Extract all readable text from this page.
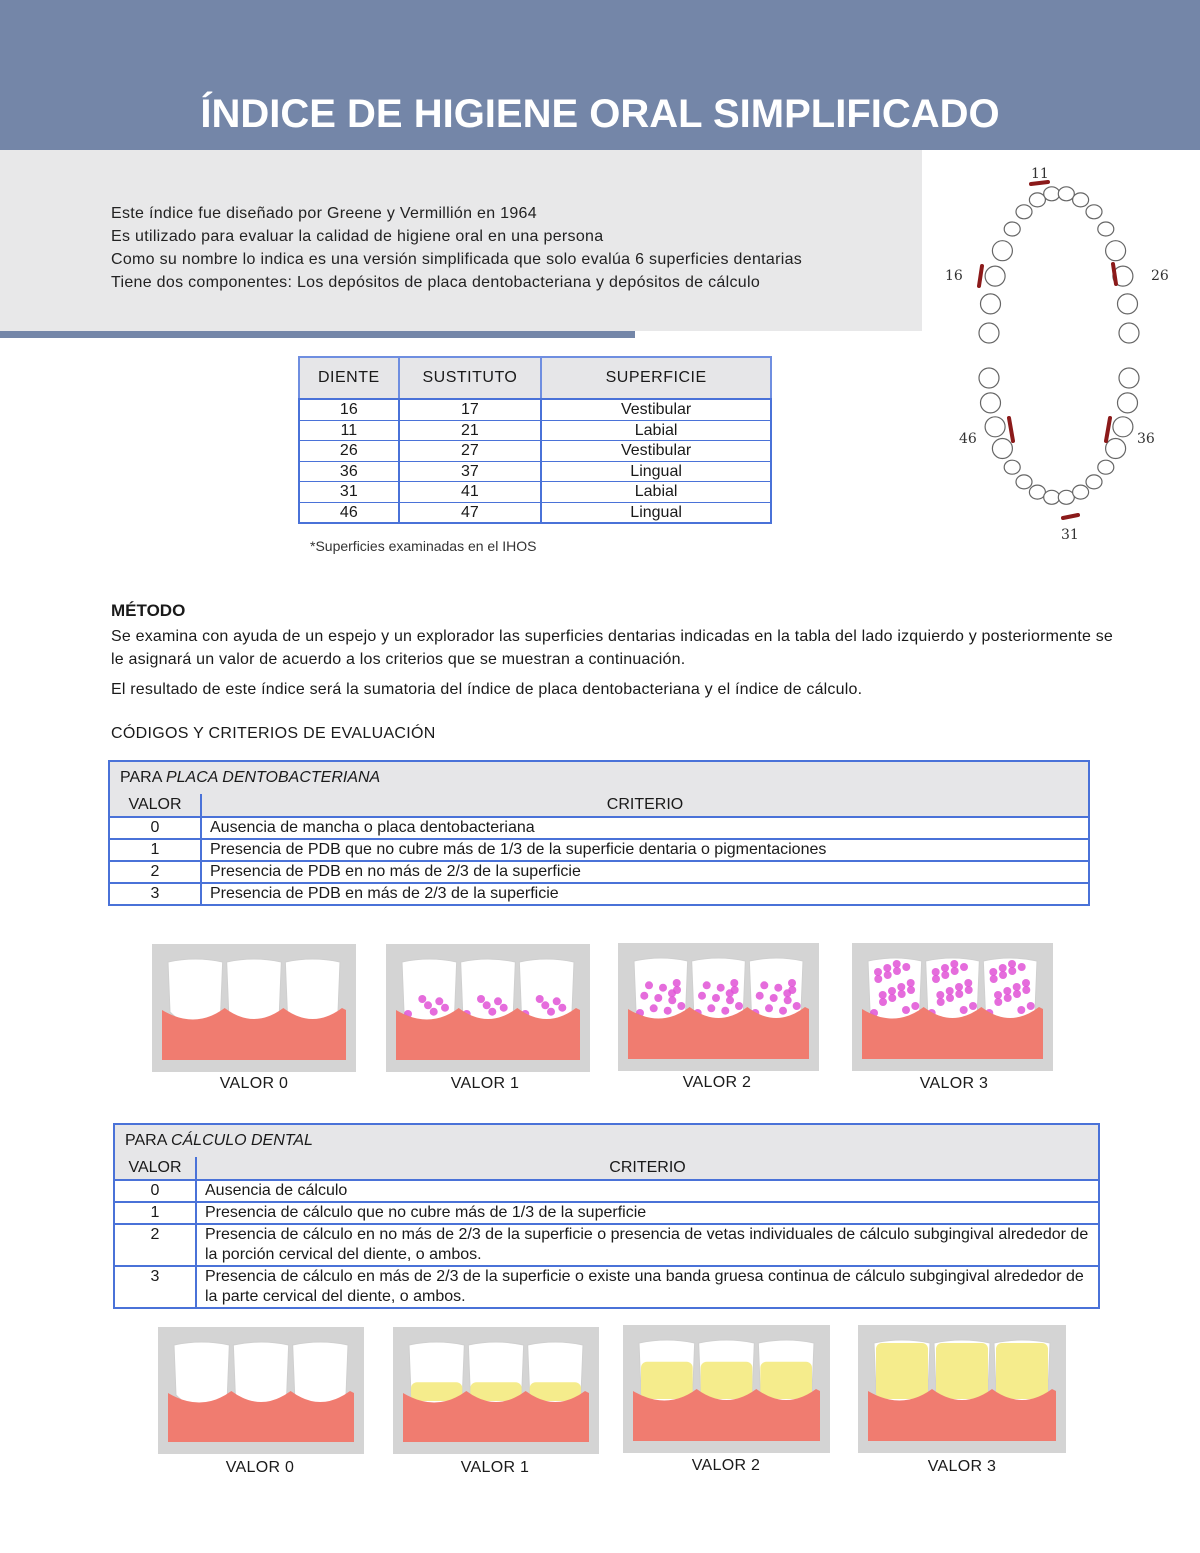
ÍNDICE DE HIGIENE ORAL SIMPLIFICADO
Este índice fue diseñado por Greene y Vermillión en 1964
Es utilizado para evaluar la calidad de higiene oral en una persona
Como su nombre lo indica es una versión simplificada que solo evalúa 6 superficies dentarias
Tiene dos componentes: Los depósitos de placa dentobacteriana y depósitos de cálculo
DIENTE	SUSTITUTO	SUPERFICIE
16	17	Vestibular
11	21	Labial
26	27	Vestibular
36	37	Lingual
31	41	Labial
46	47	Lingual
*Superficies examinadas en el IHOS
11
16	26
46	36
31
MÉTODO
Se examina con ayuda de un espejo y un explorador las superficies dentarias indicadas en la tabla del lado izquierdo y posteriormente se le asignará un valor de acuerdo a los criterios que se muestran a continuación.
El resultado de este índice será la sumatoria del índice de placa dentobacteriana y el índice de cálculo.
CÓDIGOS Y CRITERIOS DE EVALUACIÓN
PARA PLACA DENTOBACTERIANA	
VALOR	CRITERIO
0	Ausencia de mancha o placa dentobacteriana
1	Presencia de PDB que no cubre más de 1/3 de la superficie dentaria o pigmentaciones
2	Presencia de PDB en no más de 2/3 de la superficie
3	Presencia de PDB en más de 2/3 de la superficie
VALOR 0	VALOR 1	VALOR 2	VALOR 3
PARA CÁLCULO DENTAL	
VALOR	CRITERIO
0	Ausencia de cálculo
1	Presencia de cálculo que no cubre más de 1/3 de la superficie
2	Presencia de cálculo en no más de 2/3 de la superficie o presencia de vetas individuales de cálculo subgingival alrededor de la porción cervical del diente, o ambos.
3	Presencia de cálculo en más de 2/3 de la superficie o existe una banda gruesa continua de cálculo subgingival alrededor de la parte cervical del diente, o ambos.
VALOR 0	VALOR 1	VALOR 2	VALOR 3
